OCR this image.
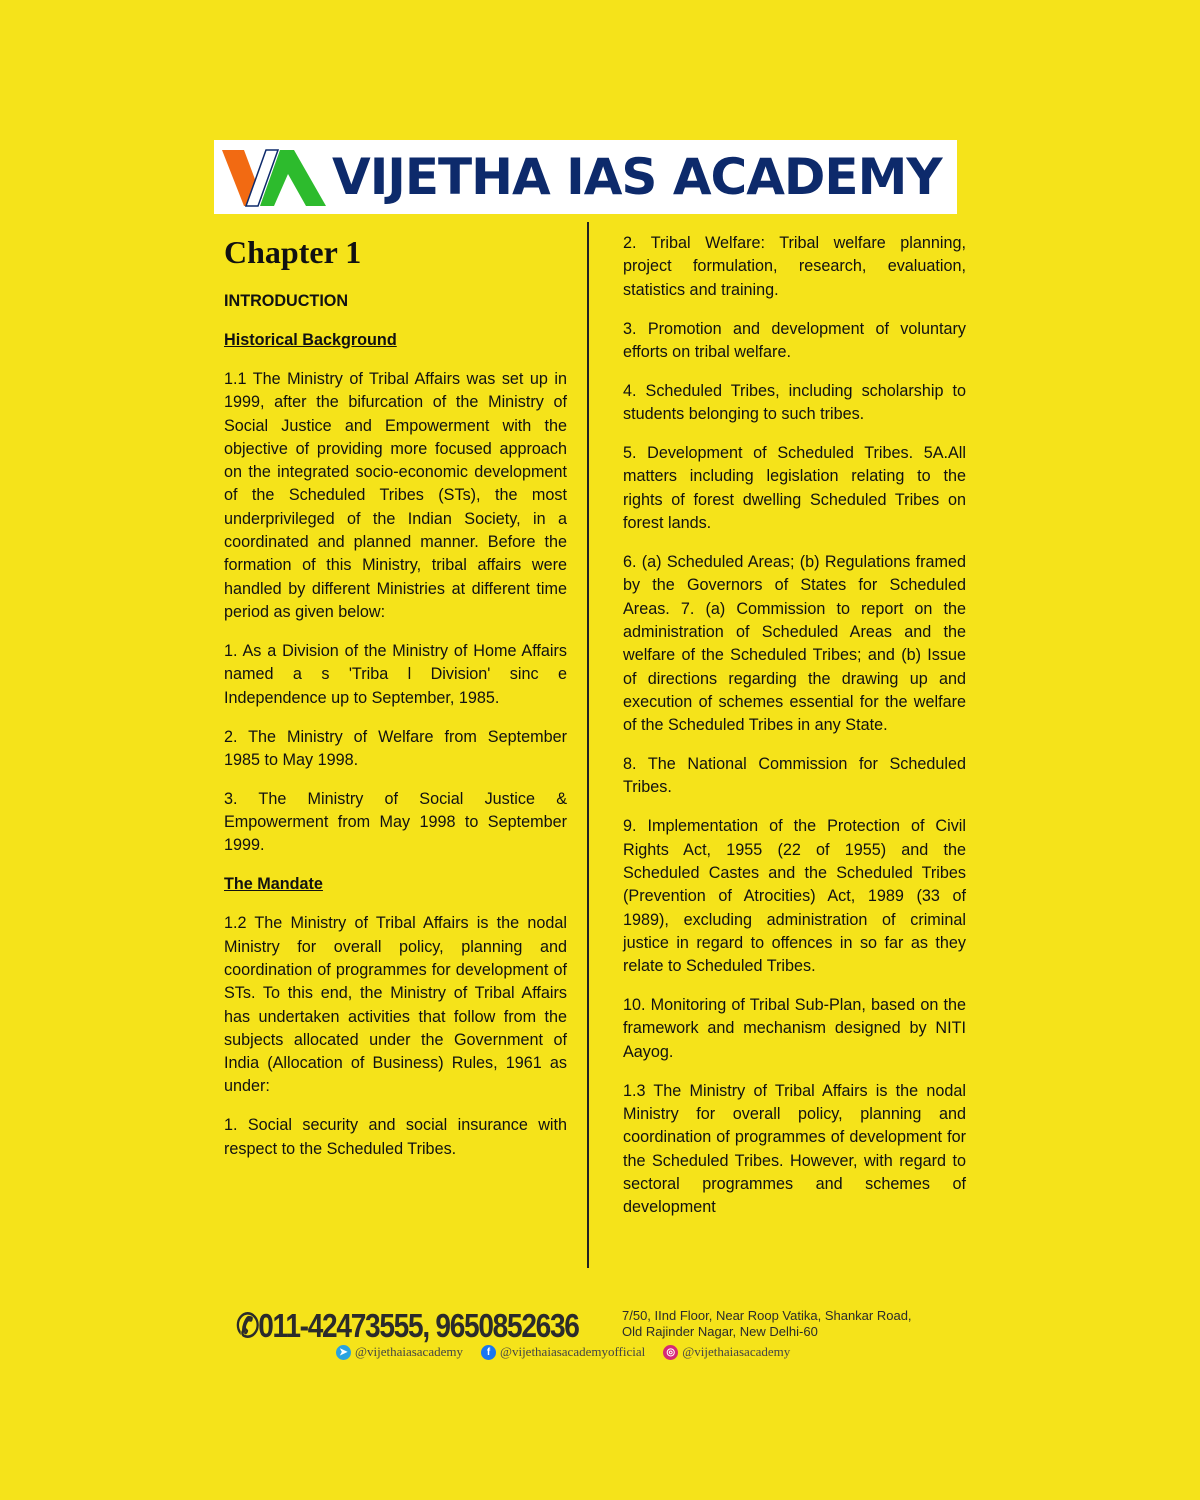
VIJETHA IAS ACADEMY
Chapter 1
INTRODUCTION
Historical Background

1.1 The Ministry of Tribal Affairs was set up in 1999, after the bifurcation of the Ministry of Social Justice and Empowerment with the objective of providing more focused approach on the integrated socio-economic development of the Scheduled Tribes (STs), the most underprivileged of the Indian Society, in a coordinated and planned manner. Before the formation of this Ministry, tribal affairs were handled by different Ministries at different time period as given below:

1. As a Division of the Ministry of Home Affairs named a s 'Triba l Division' sinc e Independence up to September, 1985.

2. The Ministry of Welfare from September 1985 to May 1998.

3. The Ministry of Social Justice & Empowerment from May 1998 to September 1999.

The Mandate

1.2 The Ministry of Tribal Affairs is the nodal Ministry for overall policy, planning and coordination of programmes for development of STs. To this end, the Ministry of Tribal Affairs has undertaken activities that follow from the subjects allocated under the Government of India (Allocation of Business) Rules, 1961 as under:

1. Social security and social insurance with respect to the Scheduled Tribes.

2. Tribal Welfare: Tribal welfare planning, project formulation, research, evaluation, statistics and training.

3. Promotion and development of voluntary efforts on tribal welfare.

4. Scheduled Tribes, including scholarship to students belonging to such tribes.

5. Development of Scheduled Tribes. 5A.All matters including legislation relating to the rights of forest dwelling Scheduled Tribes on forest lands.

6. (a) Scheduled Areas; (b) Regulations framed by the Governors of States for Scheduled Areas. 7. (a) Commission to report on the administration of Scheduled Areas and the welfare of the Scheduled Tribes; and (b) Issue of directions regarding the drawing up and execution of schemes essential for the welfare of the Scheduled Tribes in any State.

8. The National Commission for Scheduled Tribes.

9. Implementation of the Protection of Civil Rights Act, 1955 (22 of 1955) and the Scheduled Castes and the Scheduled Tribes (Prevention of Atrocities) Act, 1989 (33 of 1989), excluding administration of criminal justice in regard to offences in so far as they relate to Scheduled Tribes.

10. Monitoring of Tribal Sub-Plan, based on the framework and mechanism designed by NITI Aayog.

1.3 The Ministry of Tribal Affairs is the nodal Ministry for overall policy, planning and coordination of programmes of development for the Scheduled Tribes. However, with regard to sectoral programmes and schemes of development

✆011-42473555, 9650852636	7/50, IInd Floor, Near Roop Vatika, Shankar Road,
Old Rajinder Nagar, New Delhi-60
➤ @vijethaiasacademy	f @vijethaiasacademyofficial	◎ @vijethaiasacademy
